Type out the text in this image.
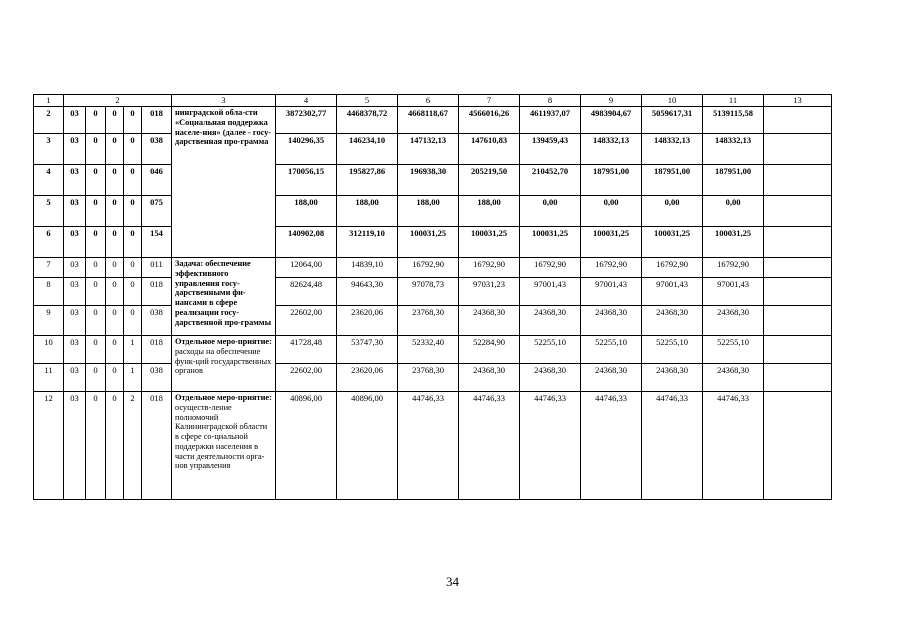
1	2					3	4	5	6	7	8	9	10	11	13
2	03	0	0	0	018	нинградской обла-сти «Социальная поддержка населе-ния» (далее - госу-дарственная про-грамма	3872302,77	4468378,72	4668118,67	4566016,26	4611937,07	4983904,67	5059617,31	5139115,58	
3	03	0	0	0	038		140296,35	146234,10	147132,13	147610,83	139459,43	148332,13	148332,13	148332,13	
4	03	0	0	0	046		170056,15	195827,86	196938,30	205219,50	210452,70	187951,00	187951,00	187951,00	
5	03	0	0	0	075		188,00	188,00	188,00	188,00	0,00	0,00	0,00	0,00	
6	03	0	0	0	154		140902,08	312119,10	100031,25	100031,25	100031,25	100031,25	100031,25	100031,25	
7	03	0	0	0	011	Задача: обеспечение эффективного управления госу-дарственными фи-нансами в сфере реализации госу-дарственной про-граммы	12064,00	14839,10	16792,90	16792,90	16792,90	16792,90	16792,90	16792,90	
8	03	0	0	0	018		82624,48	94643,30	97078,73	97031,23	97001,43	97001,43	97001,43	97001,43	
9	03	0	0	0	038		22602,00	23620,06	23768,30	24368,30	24368,30	24368,30	24368,30	24368,30	
10	03	0	0	1	018	Отдельное меро-приятие: расходы на обеспечение функ-ций государственных органов	41728,48	53747,30	52332,40	52284,90	52255,10	52255,10	52255,10	52255,10	
11	03	0	0	1	038		22602,00	23620,06	23768,30	24368,30	24368,30	24368,30	24368,30	24368,30	
12	03	0	0	2	018	Отдельное меро-приятие: осуществ-ление полномочий Калининградской области в сфере со-циальной поддержки населения в части деятельности орга-нов управления	40896,00	40896,00	44746,33	44746,33	44746,33	44746,33	44746,33	44746,33	
34
